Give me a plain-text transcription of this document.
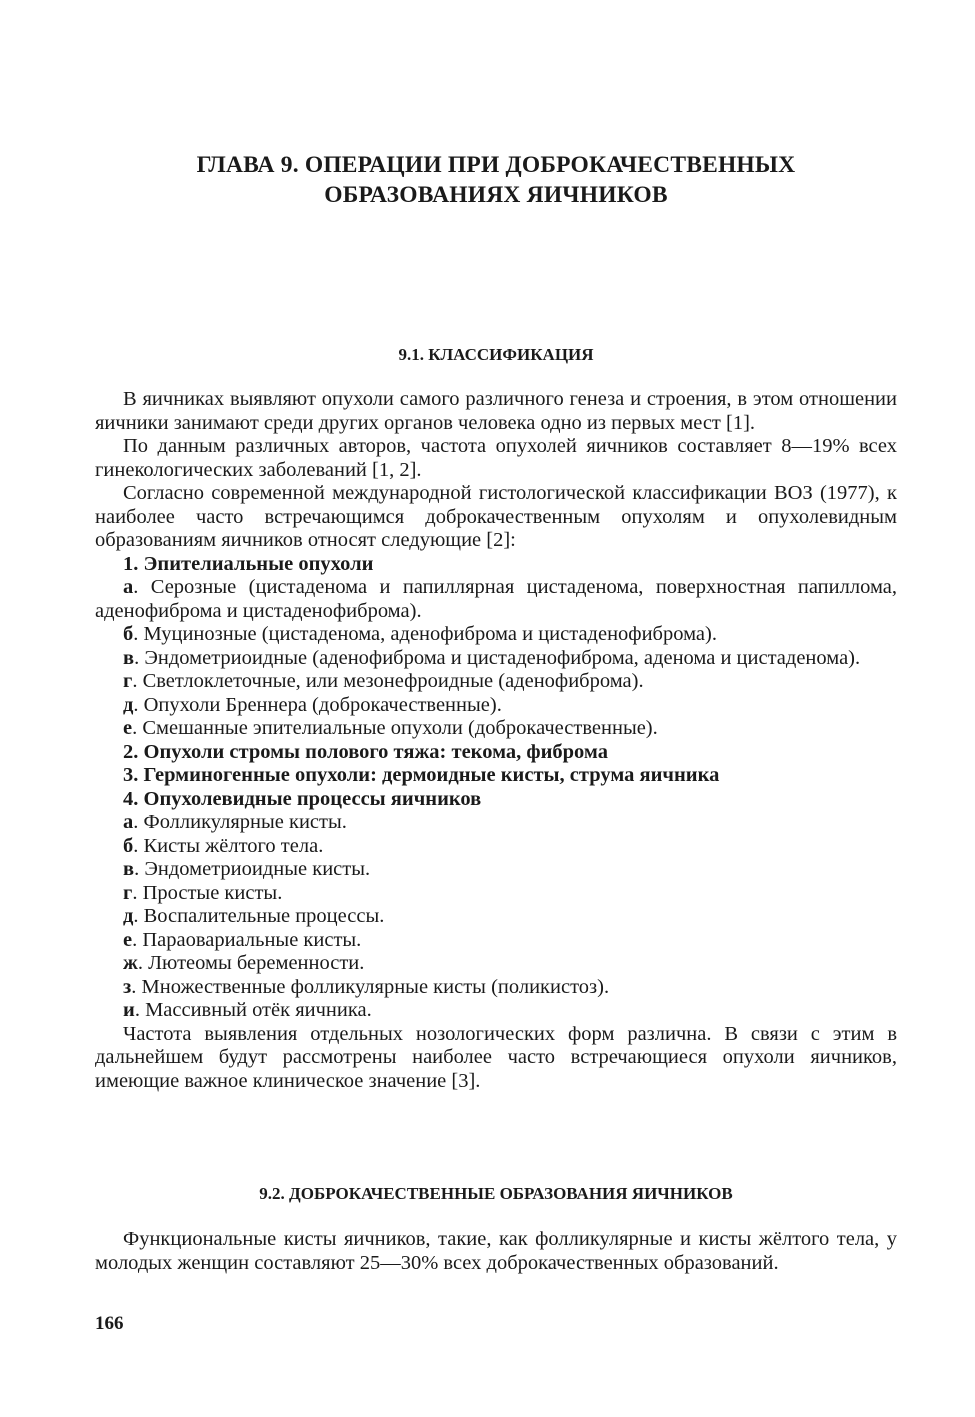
ГЛАВА 9. ОПЕРАЦИИ ПРИ ДОБРОКАЧЕСТВЕННЫХ
ОБРАЗОВАНИЯХ ЯИЧНИКОВ
9.1. КЛАССИФИКАЦИЯ

В яичниках выявляют опухоли самого различного генеза и строения, в этом отношении яичники занимают среди других органов человека одно из первых мест [1].

По данным различных авторов, частота опухолей яичников составляет 8—19% всех гинекологических заболеваний [1, 2].

Согласно современной международной гистологической классификации ВОЗ (1977), к наиболее часто встречающимся доброкачественным опухолям и опухолевидным образованиям яичников относят следующие [2]:

1. Эпителиальные опухоли

а. Серозные (цистаденома и папиллярная цистаденома, поверхностная папиллома, аденофиброма и цистаденофиброма).

б. Муцинозные (цистаденома, аденофиброма и цистаденофиброма).

в. Эндометриоидные (аденофиброма и цистаденофиброма, аденома и цистаденома).

г. Светлоклеточные, или мезонефроидные (аденофиброма).

д. Опухоли Бреннера (доброкачественные).

е. Смешанные эпителиальные опухоли (доброкачественные).

2. Опухоли стромы полового тяжа: текома, фиброма

3. Герминогенные опухоли: дермоидные кисты, струма яичника

4. Опухолевидные процессы яичников

а. Фолликулярные кисты.

б. Кисты жёлтого тела.

в. Эндометриоидные кисты.

г. Простые кисты.

д. Воспалительные процессы.

е. Параовариальные кисты.

ж. Лютеомы беременности.

з. Множественные фолликулярные кисты (поликистоз).

и. Массивный отёк яичника.

Частота выявления отдельных нозологических форм различна. В связи с этим в дальнейшем будут рассмотрены наиболее часто встречающиеся опухоли яичников, имеющие важное клиническое значение [3].

9.2. ДОБРОКАЧЕСТВЕННЫЕ ОБРАЗОВАНИЯ ЯИЧНИКОВ

Функциональные кисты яичников, такие, как фолликулярные и кисты жёлтого тела, у молодых женщин составляют 25—30% всех доброкачественных образований.

166
